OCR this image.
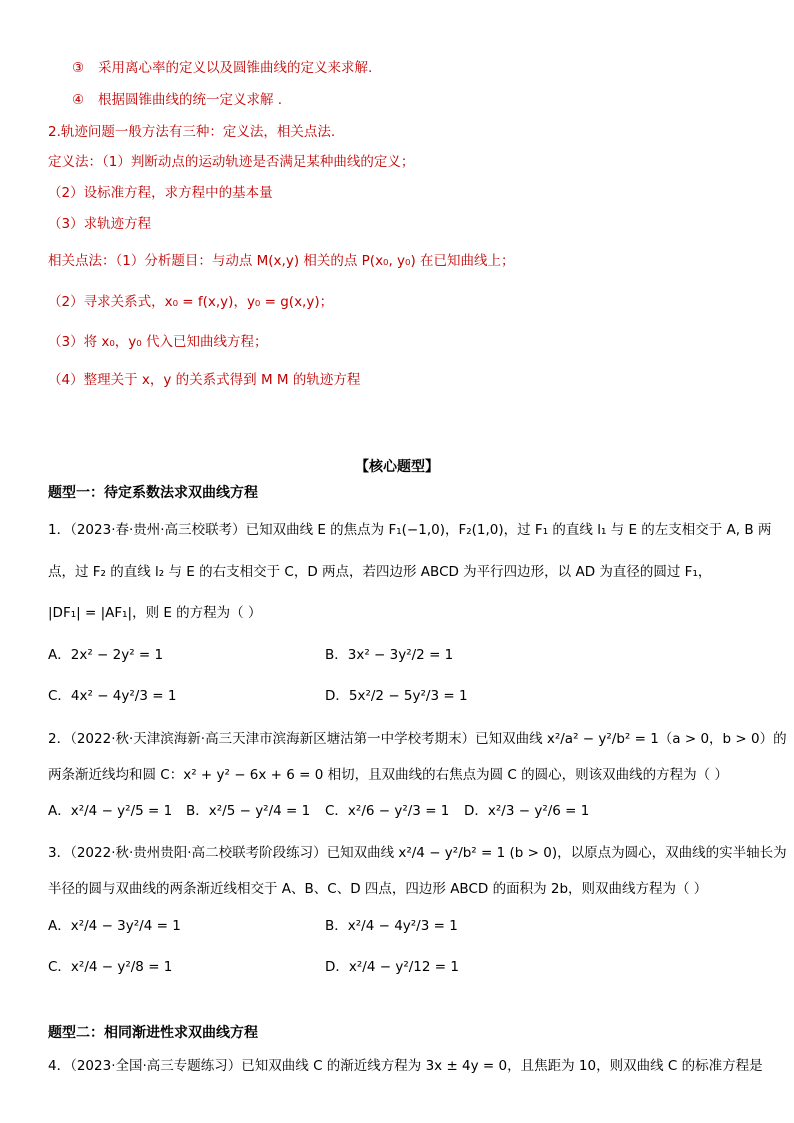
③ 采用离心率的定义以及圆锥曲线的定义来求解.
④ 根据圆锥曲线的统一定义求解 .
2.轨迹问题一般方法有三种：定义法，相关点法.
定义法：（1）判断动点的运动轨迹是否满足某种曲线的定义；
（2）设标准方程，求方程中的基本量
（3）求轨迹方程
相关点法：（1）分析题目：与动点 M(x,y) 相关的点 P(x₀, y₀) 在已知曲线上；
（2）寻求关系式，x₀ = f(x,y)，y₀ = g(x,y)；
（3）将 x₀，y₀ 代入已知曲线方程；
（4）整理关于 x，y 的关系式得到 M M 的轨迹方程
【核心题型】
题型一：待定系数法求双曲线方程
1．（2023·春·贵州·高三校联考）已知双曲线 E 的焦点为 F₁(−1,0)，F₂(1,0)，过 F₁ 的直线 l₁ 与 E 的左支相交于 A, B 两
点，过 F₂ 的直线 l₂ 与 E 的右支相交于 C，D 两点，若四边形 ABCD 为平行四边形，以 AD 为直径的圆过 F₁，
|DF₁| = |AF₁|，则 E 的方程为（ ）
A．2x² − 2y² = 1	B．3x² − 3y²/2 = 1
C．4x² − 4y²/3 = 1	D．5x²/2 − 5y²/3 = 1
2．（2022·秋·天津滨海新·高三天津市滨海新区塘沽第一中学校考期末）已知双曲线 x²/a² − y²/b² = 1（a > 0，b > 0）的
两条渐近线均和圆 C：x² + y² − 6x + 6 = 0 相切，且双曲线的右焦点为圆 C 的圆心，则该双曲线的方程为（ ）
A．x²/4 − y²/5 = 1 B．x²/5 − y²/4 = 1 C．x²/6 − y²/3 = 1 D．x²/3 − y²/6 = 1
3．（2022·秋·贵州贵阳·高二校联考阶段练习）已知双曲线 x²/4 − y²/b² = 1 (b > 0)，以原点为圆心，双曲线的实半轴长为
半径的圆与双曲线的两条渐近线相交于 A、B、C、D 四点，四边形 ABCD 的面积为 2b，则双曲线方程为（ ）
A．x²/4 − 3y²/4 = 1	B．x²/4 − 4y²/3 = 1
C．x²/4 − y²/8 = 1	D．x²/4 − y²/12 = 1
题型二：相同渐进性求双曲线方程
4．（2023·全国·高三专题练习）已知双曲线 C 的渐近线方程为 3x ± 4y = 0，且焦距为 10，则双曲线 C 的标准方程是
